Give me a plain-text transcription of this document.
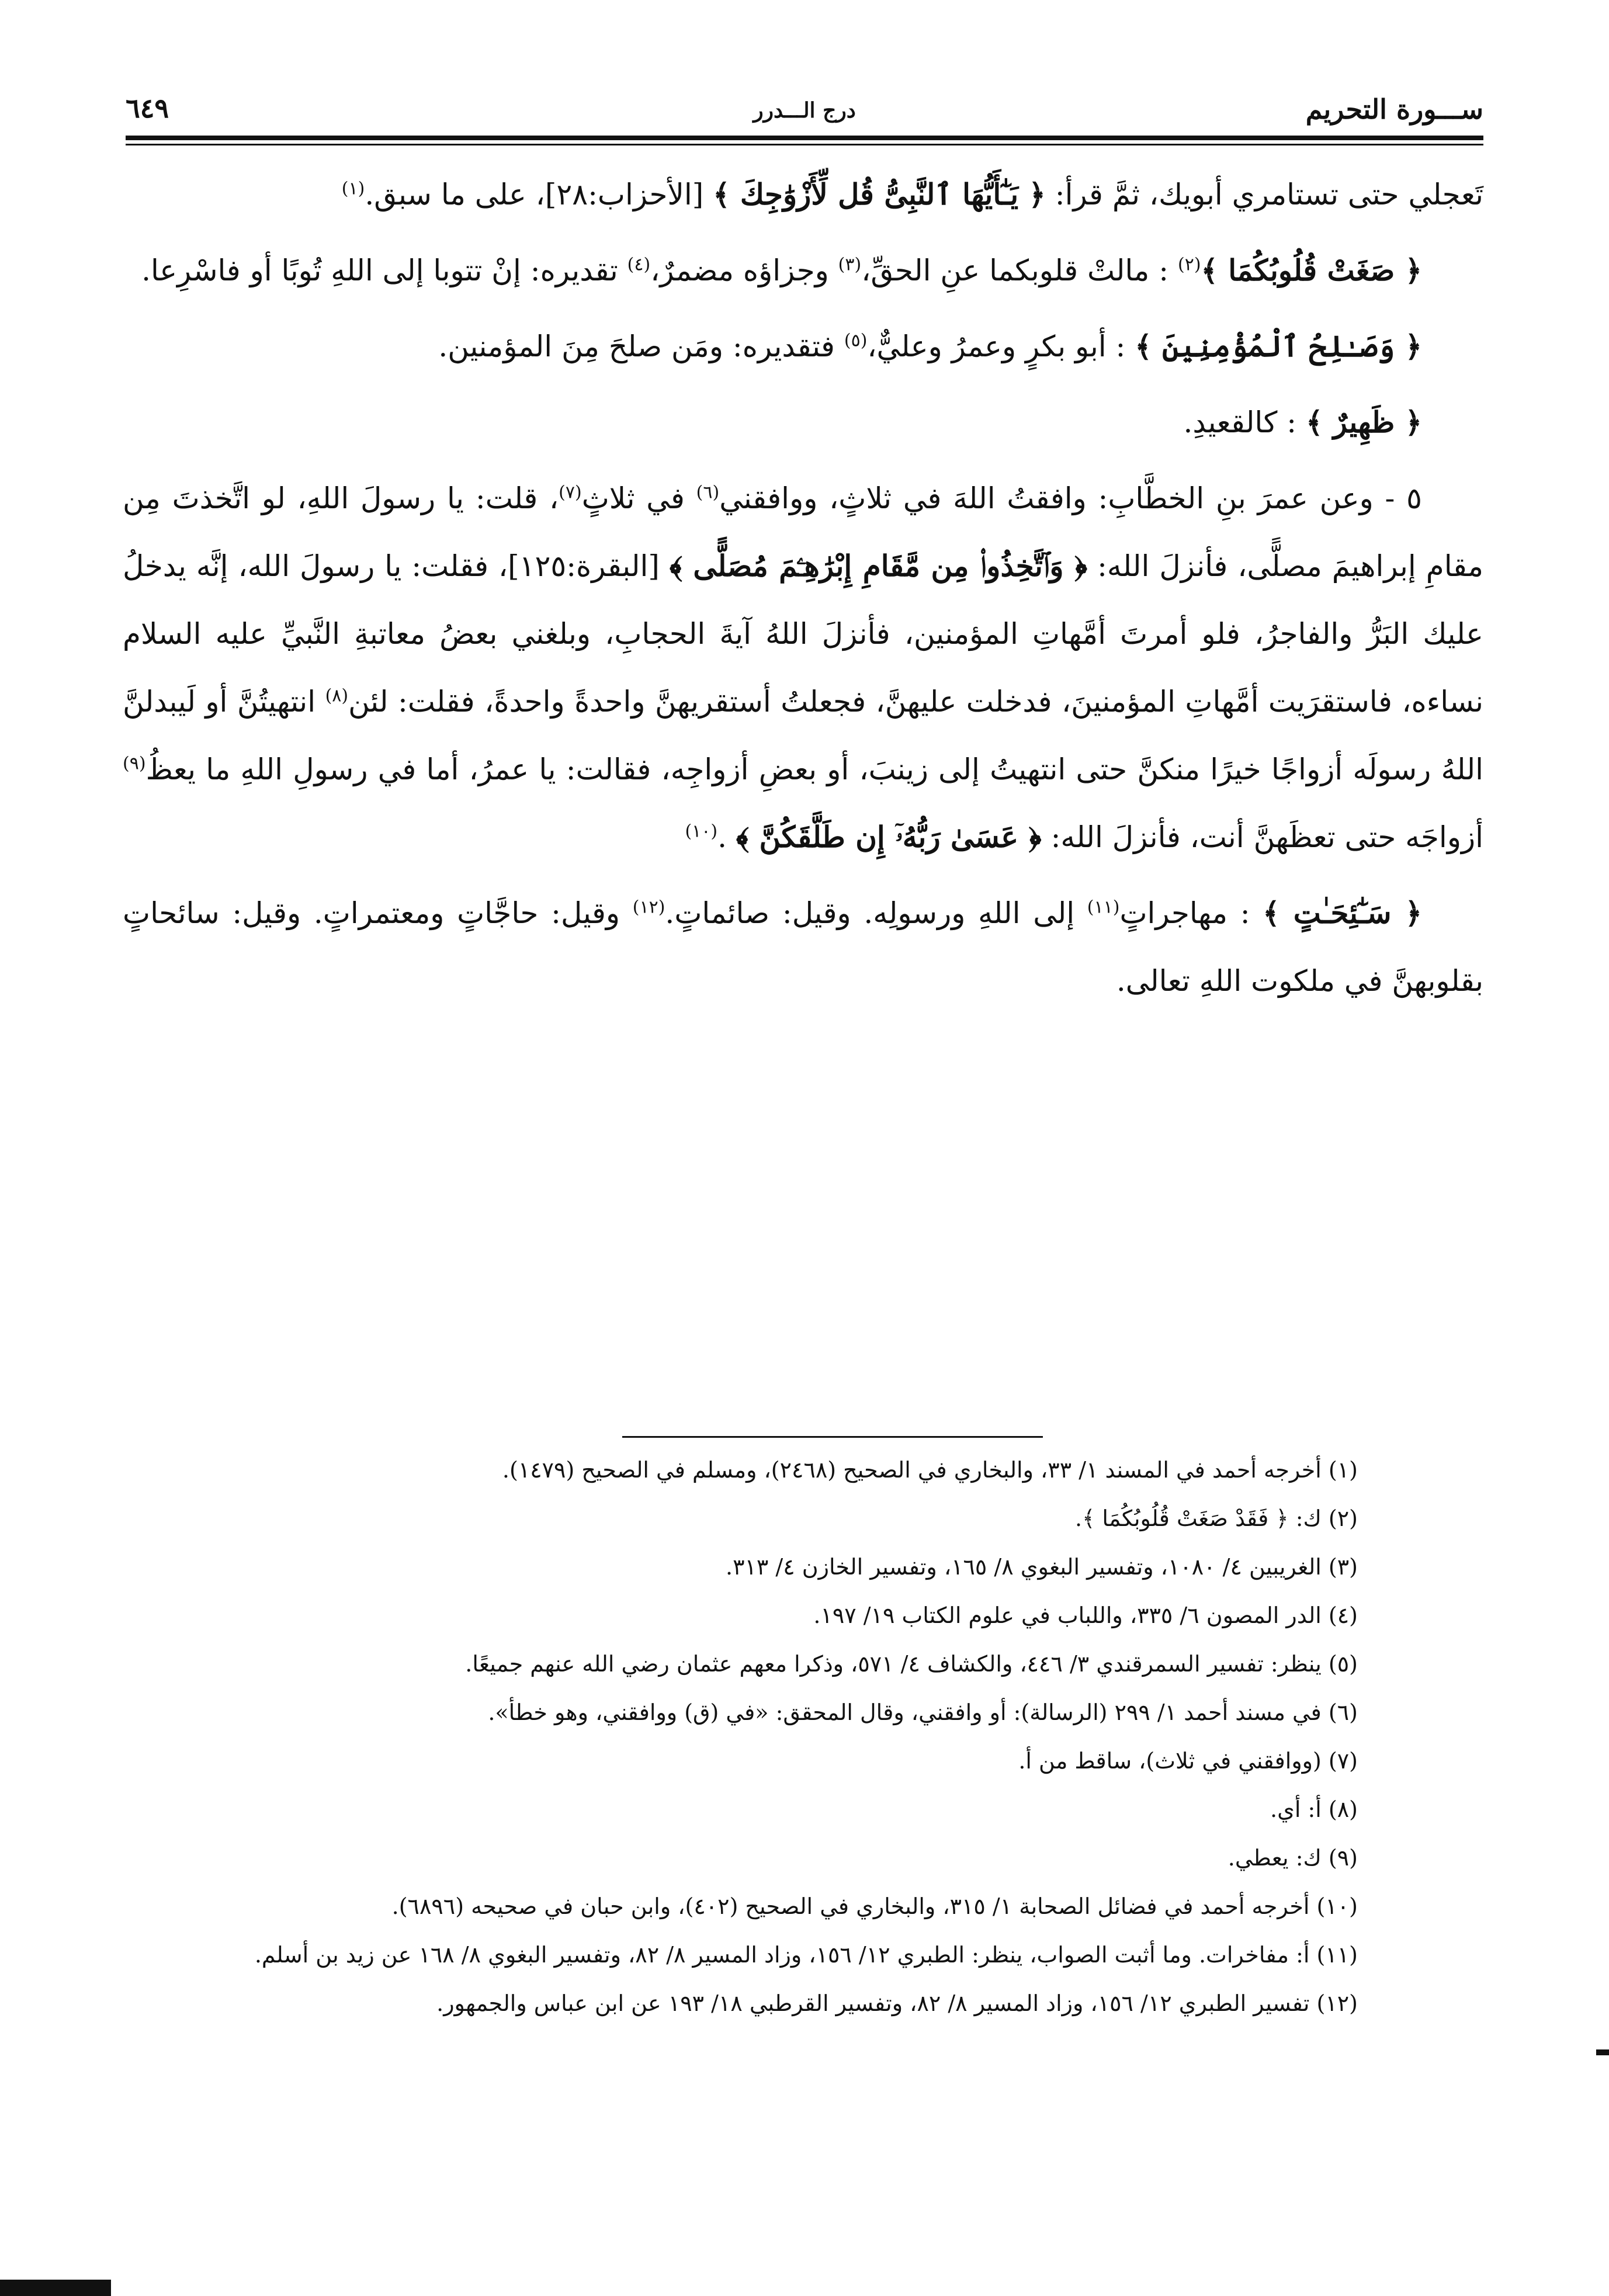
ســـورة التحريم
درج الـــدرر
٦٤٩

تَعجلي حتى تستامري أبويك، ثمَّ قرأ: ﴿ يَـٰٓأَيُّهَا ٱلنَّبِىُّ قُل لِّأَزْوَٰجِكَ ﴾ [الأحزاب:٢٨]، على ما سبق.$^{(١)}$

﴿ صَغَتْ قُلُوبُكُمَا ﴾$^{(٢)}$ : مالتْ قلوبكما عنِ الحقِّ،$^{(٣)}$ وجزاؤه مضمرٌ،$^{(٤)}$ تقديره: إنْ تتوبا إلى اللهِ تُوبًا أو فاسْرِعا.

﴿ وَصَـٰلِحُ ٱلْمُؤْمِنِينَ ﴾ : أبو بكرٍ وعمرُ وعليٌّ،$^{(٥)}$ فتقديره: ومَن صلحَ مِنَ المؤمنين.

﴿ ظَهِيرٌ ﴾ : كالقعيدِ.

٥ - وعن عمرَ بنِ الخطَّابِ: وافقتُ اللهَ في ثلاثٍ، ووافقني$^{(٦)}$ في ثلاثٍ$^{(٧)}$، قلت: يا رسولَ اللهِ، لو اتَّخذتَ مِن مقامِ إبراهيمَ مصلًّى، فأنزلَ الله: ﴿ وَٱتَّخِذُوا۟ مِن مَّقَامِ إِبْرَٰهِـۧمَ مُصَلًّى ﴾ [البقرة:١٢٥]، فقلت: يا رسولَ الله، إنَّه يدخلُ عليك البَرُّ والفاجرُ، فلو أمرتَ أمَّهاتِ المؤمنين، فأنزلَ اللهُ آيةَ الحجابِ، وبلغني بعضُ معاتبةِ النَّبيِّ عليه السلام نساءه، فاستقرَيت أمَّهاتِ المؤمنينَ، فدخلت عليهنَّ، فجعلتُ أستقريهنَّ واحدةً واحدةً، فقلت: لئن$^{(٨)}$ انتهيتُنَّ أو لَيبدلنَّ اللهُ رسولَه أزواجًا خيرًا منكنَّ حتى انتهيتُ إلى زينبَ، أو بعضِ أزواجِه، فقالت: يا عمرُ، أما في رسولِ اللهِ ما يعظُ$^{(٩)}$ أزواجَه حتى تعظَهنَّ أنت، فأنزلَ الله: ﴿ عَسَىٰ رَبُّهُۥٓ إِن طَلَّقَكُنَّ ﴾ .$^{(١٠)}$

﴿ سَـٰٓئِحَـٰتٍ ﴾ : مهاجراتٍ$^{(١١)}$ إلى اللهِ ورسولِه. وقيل: صائماتٍ.$^{(١٢)}$ وقيل: حاجَّاتٍ ومعتمراتٍ. وقيل: سائحاتٍ بقلوبهنَّ في ملكوت اللهِ تعالى.

(١) أخرجه أحمد في المسند ١/ ٣٣، والبخاري في الصحيح (٢٤٦٨)، ومسلم في الصحيح (١٤٧٩).

(٢) ك: ﴿ فَقَدْ صَغَتْ قُلُوبُكُمَا ﴾.

(٣) الغريبين ٤/ ١٠٨٠، وتفسير البغوي ٨/ ١٦٥، وتفسير الخازن ٤/ ٣١٣.

(٤) الدر المصون ٦/ ٣٣٥، واللباب في علوم الكتاب ١٩/ ١٩٧.

(٥) ينظر: تفسير السمرقندي ٣/ ٤٤٦، والكشاف ٤/ ٥٧١، وذكرا معهم عثمان رضي الله عنهم جميعًا.

(٦) في مسند أحمد ١/ ٢٩٩ (الرسالة): أو وافقني، وقال المحقق: «في (ق) ووافقني، وهو خطأ».

(٧) (ووافقني في ثلاث)، ساقط من أ.

(٨) أ: أي.

(٩) ك: يعطي.

(١٠) أخرجه أحمد في فضائل الصحابة ١/ ٣١٥، والبخاري في الصحيح (٤٠٢)، وابن حبان في صحيحه (٦٨٩٦).

(١١) أ: مفاخرات. وما أثبت الصواب، ينظر: الطبري ١٢/ ١٥٦، وزاد المسير ٨/ ٨٢، وتفسير البغوي ٨/ ١٦٨ عن زيد بن أسلم.

(١٢) تفسير الطبري ١٢/ ١٥٦، وزاد المسير ٨/ ٨٢، وتفسير القرطبي ١٨/ ١٩٣ عن ابن عباس والجمهور.
